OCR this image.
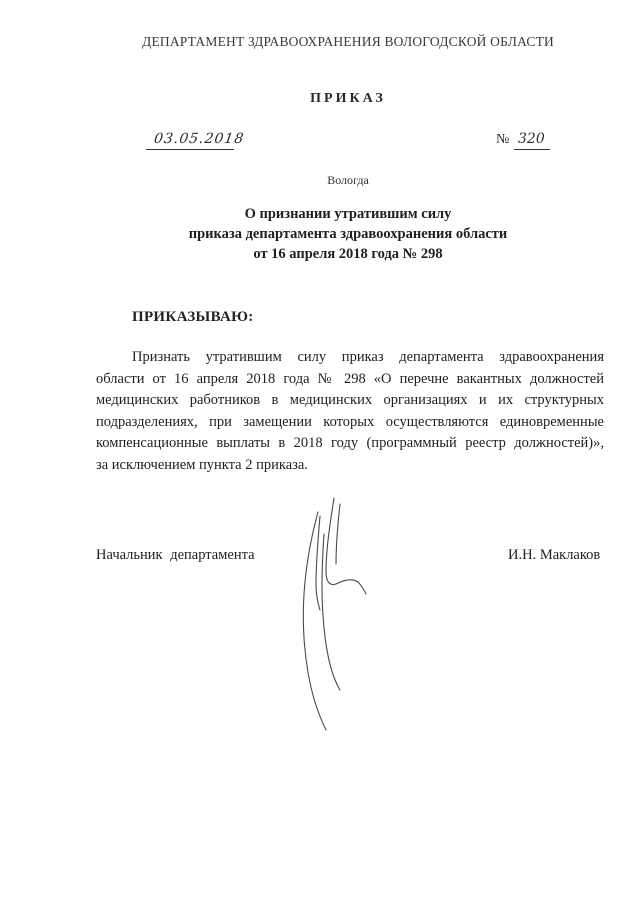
ДЕПАРТАМЕНТ ЗДРАВООХРАНЕНИЯ ВОЛОГОДСКОЙ ОБЛАСТИ
ПРИКАЗ
03.05.2018	№ 320
Вологда
О признании утратившим силу
приказа департамента здравоохранения области
от 16 апреля 2018 года № 298
ПРИКАЗЫВАЮ:
Признать утратившим силу приказ департамента здравоохранения
области от 16 апреля 2018 года № 298 «О перечне вакантных должностей
медицинских работников в медицинских организациях и их структурных
подразделениях, при замещении которых осуществляются единовременные
компенсационные выплаты в 2018 году (программный реестр должностей)»,
за исключением пункта 2 приказа.
Начальник департамента	И.Н. Маклаков
